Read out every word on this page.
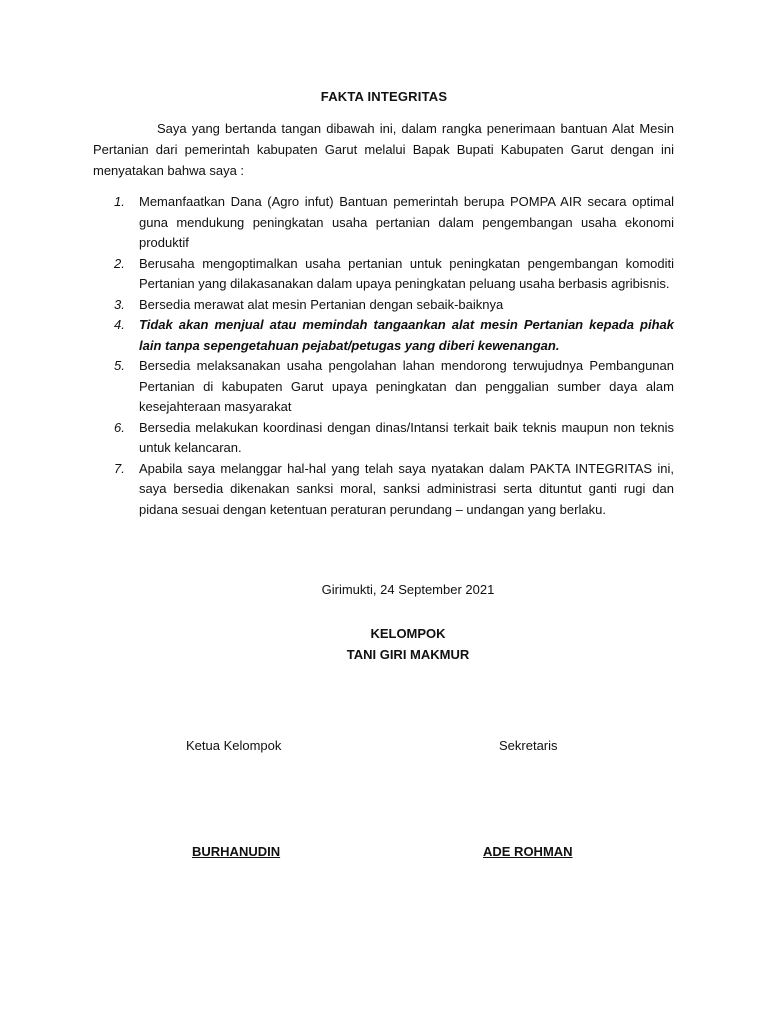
FAKTA INTEGRITAS
Saya yang bertanda tangan dibawah ini, dalam rangka penerimaan bantuan Alat Mesin Pertanian dari pemerintah kabupaten Garut melalui Bapak Bupati Kabupaten Garut dengan ini menyatakan bahwa saya :
1. Memanfaatkan Dana (Agro infut) Bantuan pemerintah berupa POMPA AIR secara optimal guna mendukung peningkatan usaha pertanian dalam pengembangan usaha ekonomi produktif
2. Berusaha mengoptimalkan usaha pertanian untuk peningkatan pengembangan komoditi Pertanian yang dilakasanakan dalam upaya peningkatan peluang usaha berbasis agribisnis.
3. Bersedia merawat alat mesin Pertanian dengan sebaik-baiknya
4. Tidak akan menjual atau memindah tangaankan alat mesin Pertanian kepada pihak lain tanpa sepengetahuan pejabat/petugas yang diberi kewenangan.
5. Bersedia melaksanakan usaha pengolahan lahan mendorong terwujudnya Pembangunan Pertanian di kabupaten Garut upaya peningkatan dan penggalian sumber daya alam kesejahteraan masyarakat
6. Bersedia melakukan koordinasi dengan dinas/Intansi terkait baik teknis maupun non teknis untuk kelancaran.
7. Apabila saya melanggar hal-hal yang telah saya nyatakan dalam PAKTA INTEGRITAS ini, saya bersedia dikenakan sanksi moral, sanksi administrasi serta dituntut ganti rugi dan pidana sesuai dengan ketentuan peraturan perundang – undangan yang berlaku.
Girimukti, 24 September 2021
KELOMPOK
TANI GIRI MAKMUR
Ketua Kelompok	Sekretaris
BURHANUDIN	ADE ROHMAN
